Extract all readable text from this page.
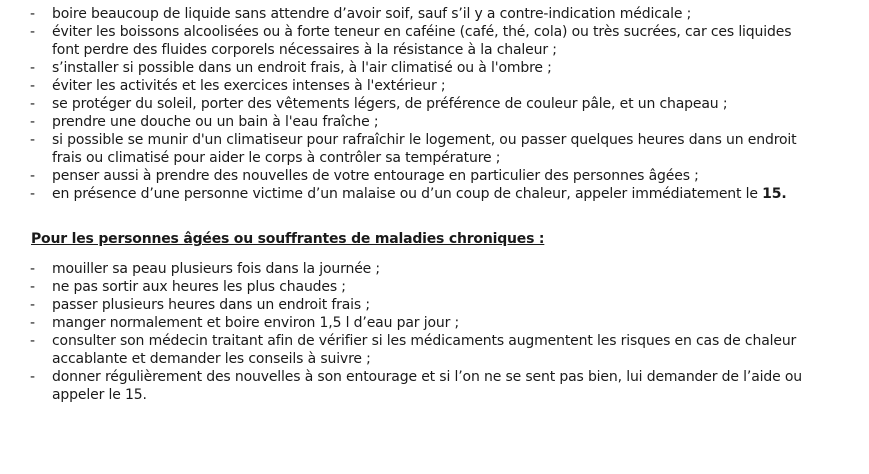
- boire beaucoup de liquide sans attendre d’avoir soif, sauf s’il y a contre-indication médicale ;
- éviter les boissons alcoolisées ou à forte teneur en caféine (café, thé, cola) ou très sucrées, car ces liquides
font perdre des fluides corporels nécessaires à la résistance à la chaleur ;
- s’installer si possible dans un endroit frais, à l'air climatisé ou à l'ombre ;
- éviter les activités et les exercices intenses à l'extérieur ;
- se protéger du soleil, porter des vêtements légers, de préférence de couleur pâle, et un chapeau ;
- prendre une douche ou un bain à l'eau fraîche ;
- si possible se munir d'un climatiseur pour rafraîchir le logement, ou passer quelques heures dans un endroit
frais ou climatisé pour aider le corps à contrôler sa température ;
- penser aussi à prendre des nouvelles de votre entourage en particulier des personnes âgées ;
- en présence d’une personne victime d’un malaise ou d’un coup de chaleur, appeler immédiatement le 15.
Pour les personnes âgées ou souffrantes de maladies chroniques :
- mouiller sa peau plusieurs fois dans la journée ;
- ne pas sortir aux heures les plus chaudes ;
- passer plusieurs heures dans un endroit frais ;
- manger normalement et boire environ 1,5 l d’eau par jour ;
- consulter son médecin traitant afin de vérifier si les médicaments augmentent les risques en cas de chaleur
accablante et demander les conseils à suivre ;
- donner régulièrement des nouvelles à son entourage et si l’on ne se sent pas bien, lui demander de l’aide ou
appeler le 15.
